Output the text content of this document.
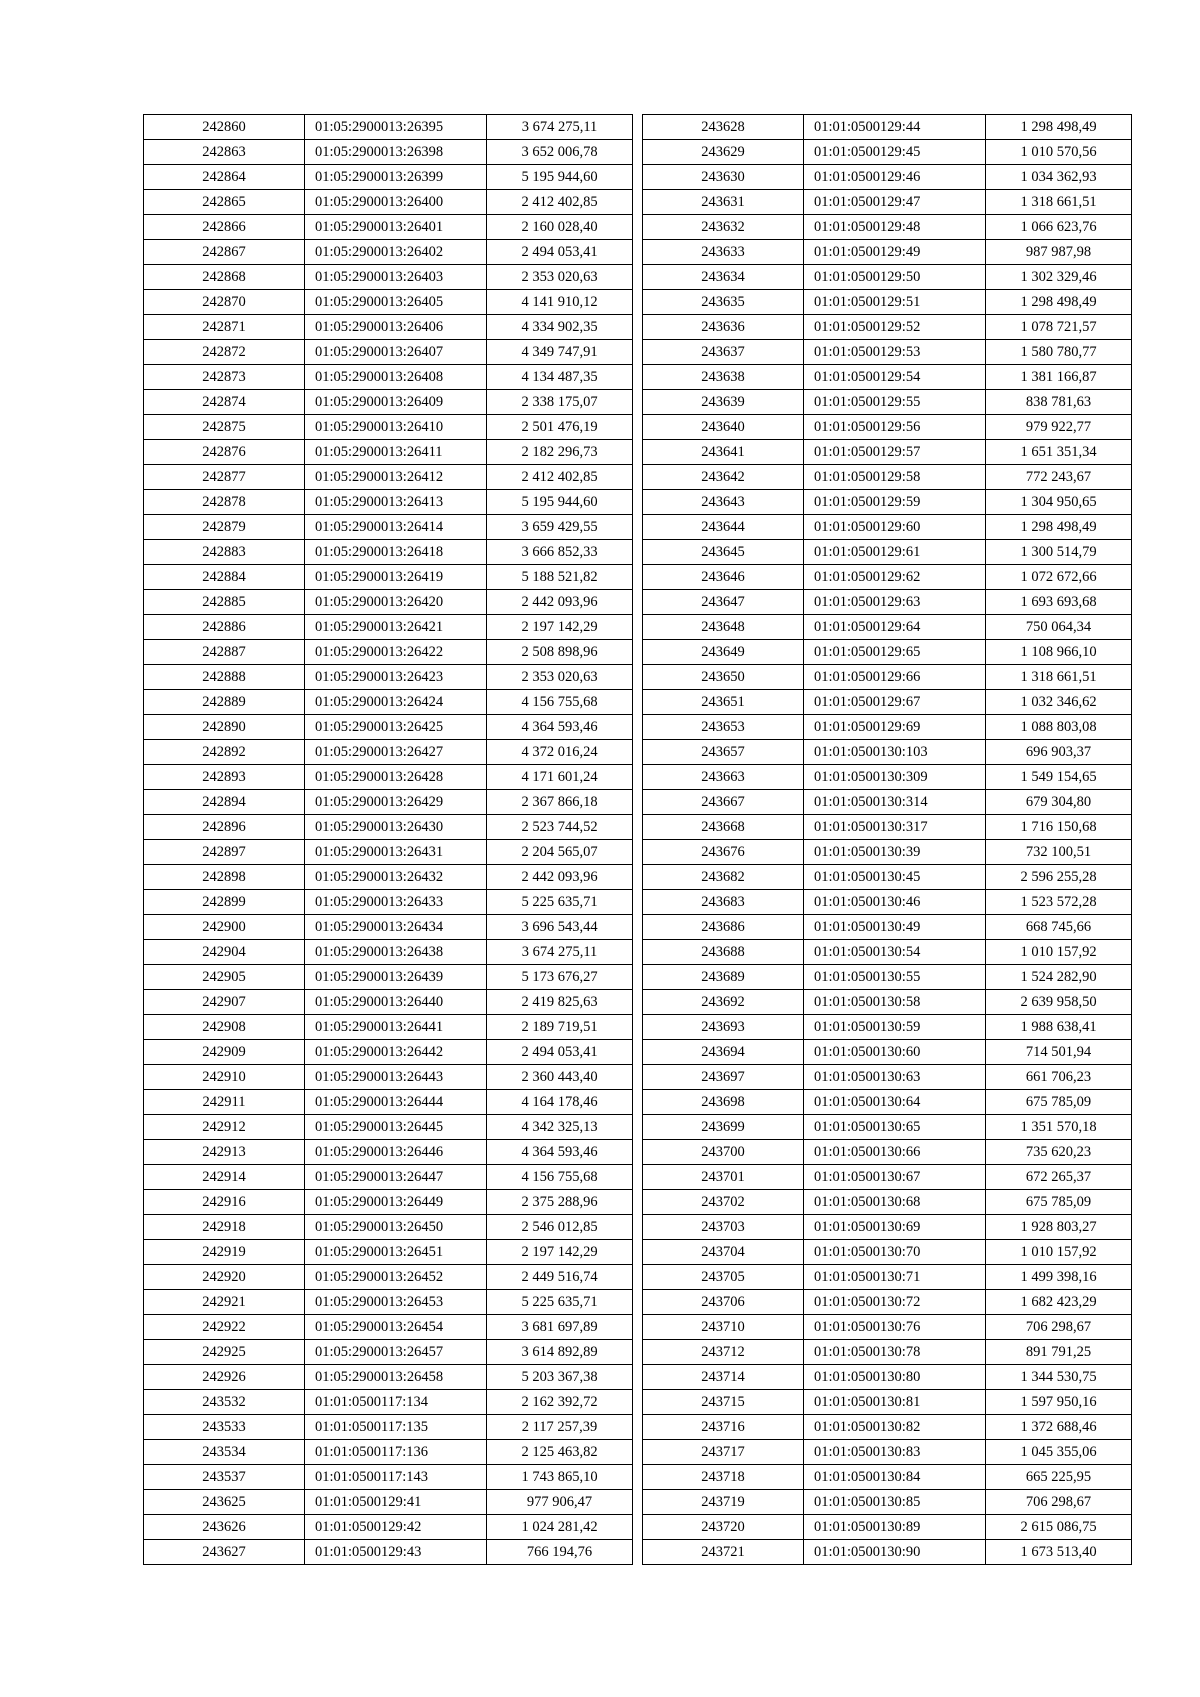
242860	01:05:2900013:26395	3 674 275,11
242863	01:05:2900013:26398	3 652 006,78
242864	01:05:2900013:26399	5 195 944,60
242865	01:05:2900013:26400	2 412 402,85
242866	01:05:2900013:26401	2 160 028,40
242867	01:05:2900013:26402	2 494 053,41
242868	01:05:2900013:26403	2 353 020,63
242870	01:05:2900013:26405	4 141 910,12
242871	01:05:2900013:26406	4 334 902,35
242872	01:05:2900013:26407	4 349 747,91
242873	01:05:2900013:26408	4 134 487,35
242874	01:05:2900013:26409	2 338 175,07
242875	01:05:2900013:26410	2 501 476,19
242876	01:05:2900013:26411	2 182 296,73
242877	01:05:2900013:26412	2 412 402,85
242878	01:05:2900013:26413	5 195 944,60
242879	01:05:2900013:26414	3 659 429,55
242883	01:05:2900013:26418	3 666 852,33
242884	01:05:2900013:26419	5 188 521,82
242885	01:05:2900013:26420	2 442 093,96
242886	01:05:2900013:26421	2 197 142,29
242887	01:05:2900013:26422	2 508 898,96
242888	01:05:2900013:26423	2 353 020,63
242889	01:05:2900013:26424	4 156 755,68
242890	01:05:2900013:26425	4 364 593,46
242892	01:05:2900013:26427	4 372 016,24
242893	01:05:2900013:26428	4 171 601,24
242894	01:05:2900013:26429	2 367 866,18
242896	01:05:2900013:26430	2 523 744,52
242897	01:05:2900013:26431	2 204 565,07
242898	01:05:2900013:26432	2 442 093,96
242899	01:05:2900013:26433	5 225 635,71
242900	01:05:2900013:26434	3 696 543,44
242904	01:05:2900013:26438	3 674 275,11
242905	01:05:2900013:26439	5 173 676,27
242907	01:05:2900013:26440	2 419 825,63
242908	01:05:2900013:26441	2 189 719,51
242909	01:05:2900013:26442	2 494 053,41
242910	01:05:2900013:26443	2 360 443,40
242911	01:05:2900013:26444	4 164 178,46
242912	01:05:2900013:26445	4 342 325,13
242913	01:05:2900013:26446	4 364 593,46
242914	01:05:2900013:26447	4 156 755,68
242916	01:05:2900013:26449	2 375 288,96
242918	01:05:2900013:26450	2 546 012,85
242919	01:05:2900013:26451	2 197 142,29
242920	01:05:2900013:26452	2 449 516,74
242921	01:05:2900013:26453	5 225 635,71
242922	01:05:2900013:26454	3 681 697,89
242925	01:05:2900013:26457	3 614 892,89
242926	01:05:2900013:26458	5 203 367,38
243532	01:01:0500117:134	2 162 392,72
243533	01:01:0500117:135	2 117 257,39
243534	01:01:0500117:136	2 125 463,82
243537	01:01:0500117:143	1 743 865,10
243625	01:01:0500129:41	977 906,47
243626	01:01:0500129:42	1 024 281,42
243627	01:01:0500129:43	766 194,76
243628	01:01:0500129:44	1 298 498,49
243629	01:01:0500129:45	1 010 570,56
243630	01:01:0500129:46	1 034 362,93
243631	01:01:0500129:47	1 318 661,51
243632	01:01:0500129:48	1 066 623,76
243633	01:01:0500129:49	987 987,98
243634	01:01:0500129:50	1 302 329,46
243635	01:01:0500129:51	1 298 498,49
243636	01:01:0500129:52	1 078 721,57
243637	01:01:0500129:53	1 580 780,77
243638	01:01:0500129:54	1 381 166,87
243639	01:01:0500129:55	838 781,63
243640	01:01:0500129:56	979 922,77
243641	01:01:0500129:57	1 651 351,34
243642	01:01:0500129:58	772 243,67
243643	01:01:0500129:59	1 304 950,65
243644	01:01:0500129:60	1 298 498,49
243645	01:01:0500129:61	1 300 514,79
243646	01:01:0500129:62	1 072 672,66
243647	01:01:0500129:63	1 693 693,68
243648	01:01:0500129:64	750 064,34
243649	01:01:0500129:65	1 108 966,10
243650	01:01:0500129:66	1 318 661,51
243651	01:01:0500129:67	1 032 346,62
243653	01:01:0500129:69	1 088 803,08
243657	01:01:0500130:103	696 903,37
243663	01:01:0500130:309	1 549 154,65
243667	01:01:0500130:314	679 304,80
243668	01:01:0500130:317	1 716 150,68
243676	01:01:0500130:39	732 100,51
243682	01:01:0500130:45	2 596 255,28
243683	01:01:0500130:46	1 523 572,28
243686	01:01:0500130:49	668 745,66
243688	01:01:0500130:54	1 010 157,92
243689	01:01:0500130:55	1 524 282,90
243692	01:01:0500130:58	2 639 958,50
243693	01:01:0500130:59	1 988 638,41
243694	01:01:0500130:60	714 501,94
243697	01:01:0500130:63	661 706,23
243698	01:01:0500130:64	675 785,09
243699	01:01:0500130:65	1 351 570,18
243700	01:01:0500130:66	735 620,23
243701	01:01:0500130:67	672 265,37
243702	01:01:0500130:68	675 785,09
243703	01:01:0500130:69	1 928 803,27
243704	01:01:0500130:70	1 010 157,92
243705	01:01:0500130:71	1 499 398,16
243706	01:01:0500130:72	1 682 423,29
243710	01:01:0500130:76	706 298,67
243712	01:01:0500130:78	891 791,25
243714	01:01:0500130:80	1 344 530,75
243715	01:01:0500130:81	1 597 950,16
243716	01:01:0500130:82	1 372 688,46
243717	01:01:0500130:83	1 045 355,06
243718	01:01:0500130:84	665 225,95
243719	01:01:0500130:85	706 298,67
243720	01:01:0500130:89	2 615 086,75
243721	01:01:0500130:90	1 673 513,40
